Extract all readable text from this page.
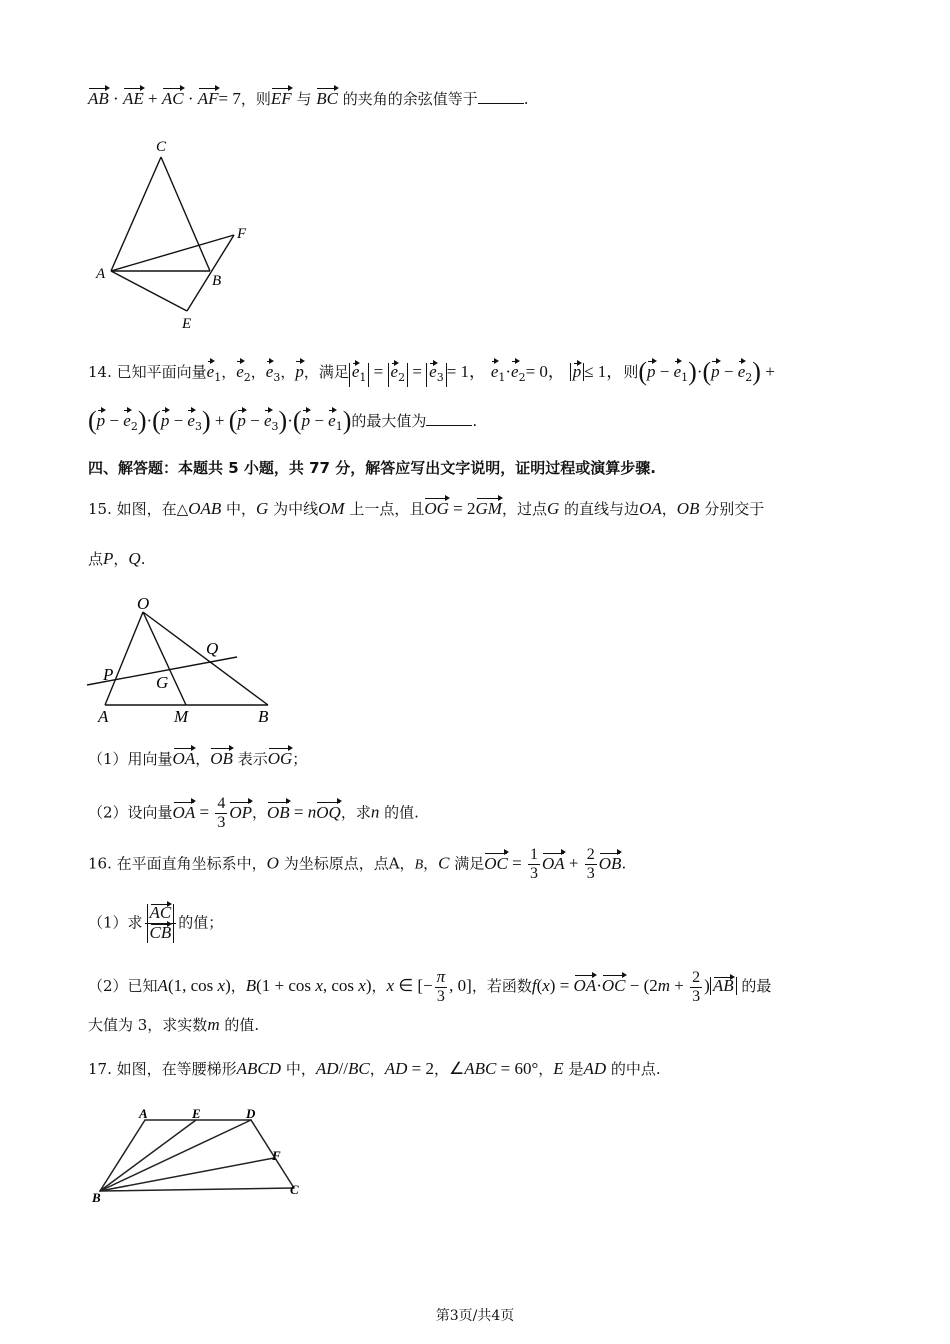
AB · AE + AC · AF= 7，则EF 与 BC 的夹角的余弦值等于	.
C
F
A	B
E
14. 已知平面向量$e_1$，$e_2$，$e_3$，p，满足 $e_1 = e_2 = e_3 = 1$， $e_1\cdot e_2= 0$， p ≤ 1，则$(p - e_1)\cdot(p - e_2)$ +
$(p - e_2)\cdot(p - e_3) + (p - e_3)\cdot(p - e_1)$的最大值为	.
四、解答题：本题共 5 小题，共 77 分，解答应写出文字说明，证明过程或演算步骤.
15. 如图，在△OAB 中，G 为中线OM 上一点，且OG = 2GM，过点G 的直线与边OA，OB 分别交于
点P，Q.
O
Q
P	G
A	M	B
（1）用向量OA，OB 表示OG；
（2）设向量OA = $\frac{4}{3}$ OP，OB = nOQ，求n 的值.
16. 在平面直角坐标系中，O 为坐标原点，点A，B，C 满足OC = $\frac{1}{3}$ OA + $\frac{2}{3}$ OB.
（1）求 $\frac{AC}{CB}$ 的值；
（2）已知A(1, cos x)，B(1 + cos x, cos x)，x ∈ [− $\frac{\pi}{3}$ , 0]，若函数$f(x) = OA\cdot OC - (2m + \frac{2}{3}$ ) AB 的最
大值为 3，求实数m 的值.
17. 如图，在等腰梯形ABCD 中，AD//BC，AD = 2，∠ABC = 60°，E 是AD 的中点.
A	E	D
F
B
C
第3页/共4页
